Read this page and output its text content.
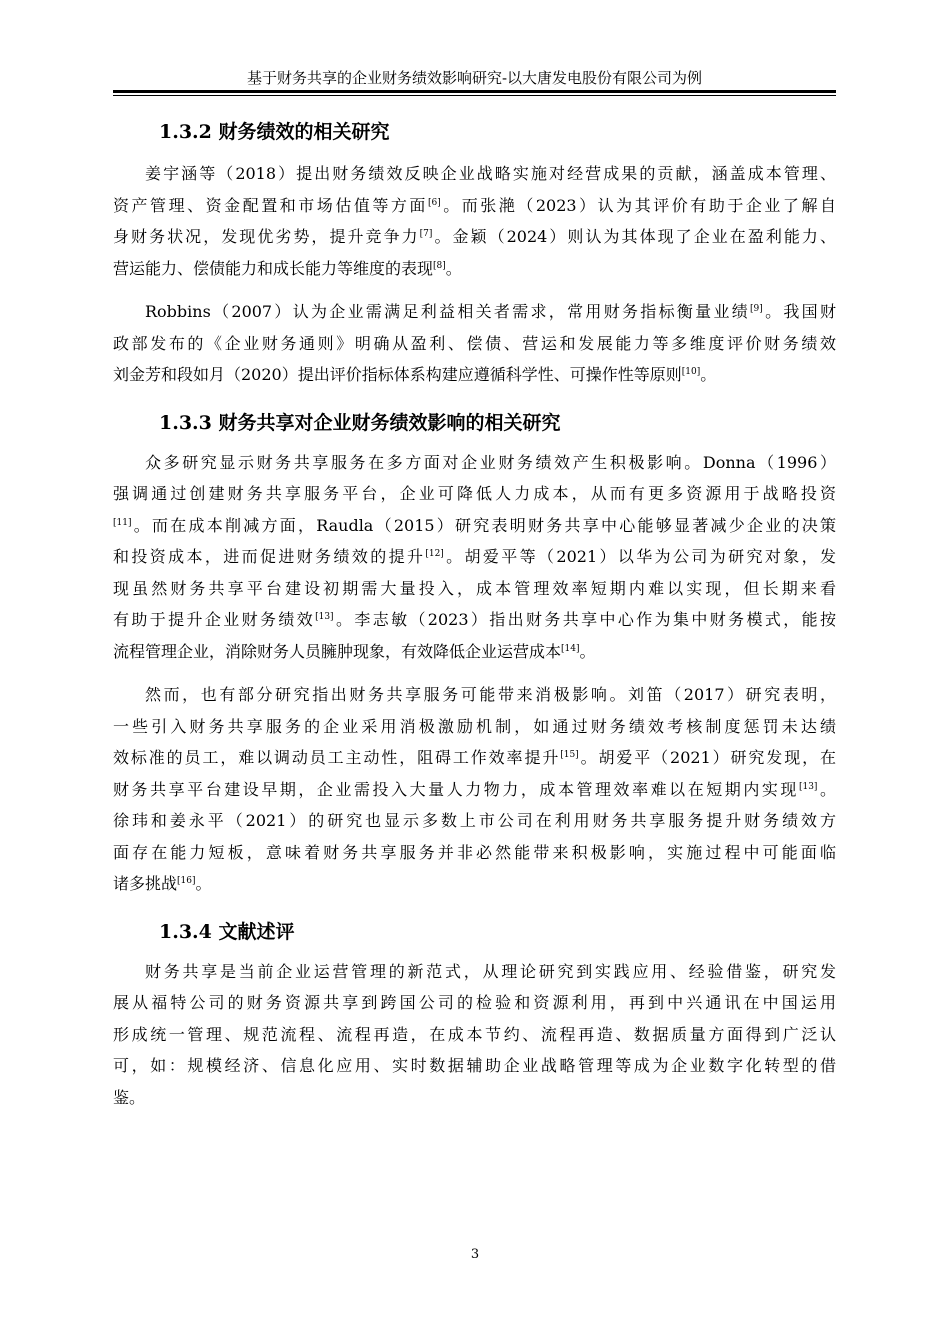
基于财务共享的企业财务绩效影响研究-以大唐发电股份有限公司为例
1.3.2 财务绩效的相关研究

姜宇涵等（2018）提出财务绩效反映企业战略实施对经营成果的贡献，涵盖成本管理、
资产管理、资金配置和市场估值等方面[6]。而张滟（2023）认为其评价有助于企业了解自
身财务状况，发现优劣势，提升竞争力[7]。金颖（2024）则认为其体现了企业在盈利能力、
营运能力、偿债能力和成长能力等维度的表现[8]。

Robbins（2007）认为企业需满足利益相关者需求，常用财务指标衡量业绩[9]。我国财
政部发布的《企业财务通则》明确从盈利、偿债、营运和发展能力等多维度评价财务绩效
刘金芳和段如月（2020）提出评价指标体系构建应遵循科学性、可操作性等原则[10]。

1.3.3 财务共享对企业财务绩效影响的相关研究

众多研究显示财务共享服务在多方面对企业财务绩效产生积极影响。Donna（1996）
强调通过创建财务共享服务平台，企业可降低人力成本，从而有更多资源用于战略投资
[11]。而在成本削减方面，Raudla（2015）研究表明财务共享中心能够显著减少企业的决策
和投资成本，进而促进财务绩效的提升[12]。胡爱平等（2021）以华为公司为研究对象，发
现虽然财务共享平台建设初期需大量投入，成本管理效率短期内难以实现，但长期来看
有助于提升企业财务绩效[13]。李志敏（2023）指出财务共享中心作为集中财务模式，能按
流程管理企业，消除财务人员臃肿现象，有效降低企业运营成本[14]。

然而，也有部分研究指出财务共享服务可能带来消极影响。刘笛（2017）研究表明，
一些引入财务共享服务的企业采用消极激励机制，如通过财务绩效考核制度惩罚未达绩
效标准的员工，难以调动员工主动性，阻碍工作效率提升[15]。胡爱平（2021）研究发现，在
财务共享平台建设早期，企业需投入大量人力物力，成本管理效率难以在短期内实现[13]。
徐玮和姜永平（2021）的研究也显示多数上市公司在利用财务共享服务提升财务绩效方
面存在能力短板，意味着财务共享服务并非必然能带来积极影响，实施过程中可能面临
诸多挑战[16]。

1.3.4 文献述评

财务共享是当前企业运营管理的新范式，从理论研究到实践应用、经验借鉴，研究发
展从福特公司的财务资源共享到跨国公司的检验和资源利用，再到中兴通讯在中国运用
形成统一管理、规范流程、流程再造，在成本节约、流程再造、数据质量方面得到广泛认
可，如：规模经济、信息化应用、实时数据辅助企业战略管理等成为企业数字化转型的借
鉴。

3
